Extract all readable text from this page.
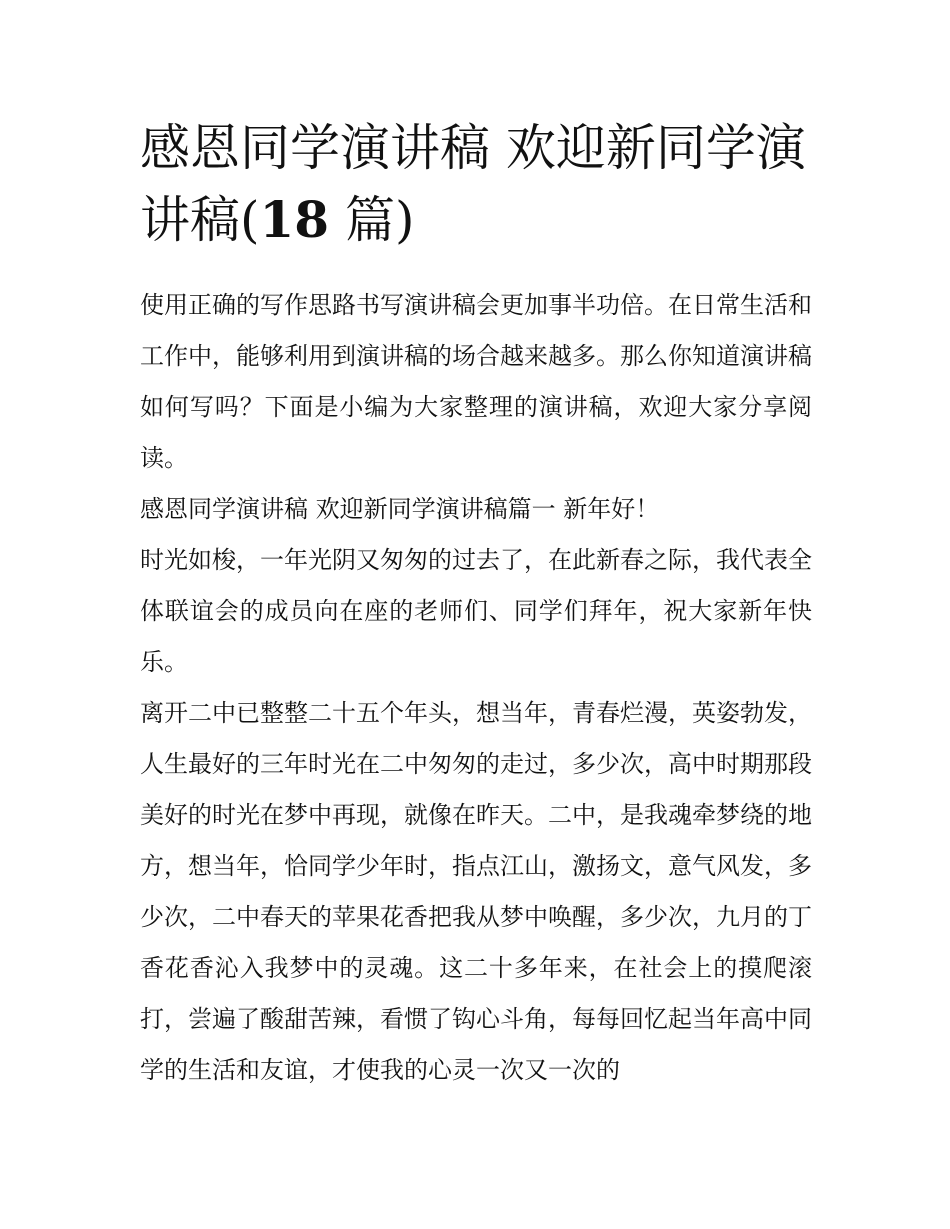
感恩同学演讲稿 欢迎新同学演讲稿(18 篇)

使用正确的写作思路书写演讲稿会更加事半功倍。在日常生活和工作中，能够利用到演讲稿的场合越来越多。那么你知道演讲稿如何写吗？下面是小编为大家整理的演讲稿，欢迎大家分享阅读。

感恩同学演讲稿 欢迎新同学演讲稿篇一 新年好！

时光如梭，一年光阴又匆匆的过去了，在此新春之际，我代表全体联谊会的成员向在座的老师们、同学们拜年，祝大家新年快乐。

离开二中已整整二十五个年头，想当年，青春烂漫，英姿勃发，人生最好的三年时光在二中匆匆的走过，多少次，高中时期那段美好的时光在梦中再现，就像在昨天。二中，是我魂牵梦绕的地方，想当年，恰同学少年时，指点江山，激扬文，意气风发，多少次，二中春天的苹果花香把我从梦中唤醒，多少次，九月的丁香花香沁入我梦中的灵魂。这二十多年来，在社会上的摸爬滚打，尝遍了酸甜苦辣，看惯了钩心斗角，每每回忆起当年高中同学的生活和友谊，才使我的心灵一次又一次的
